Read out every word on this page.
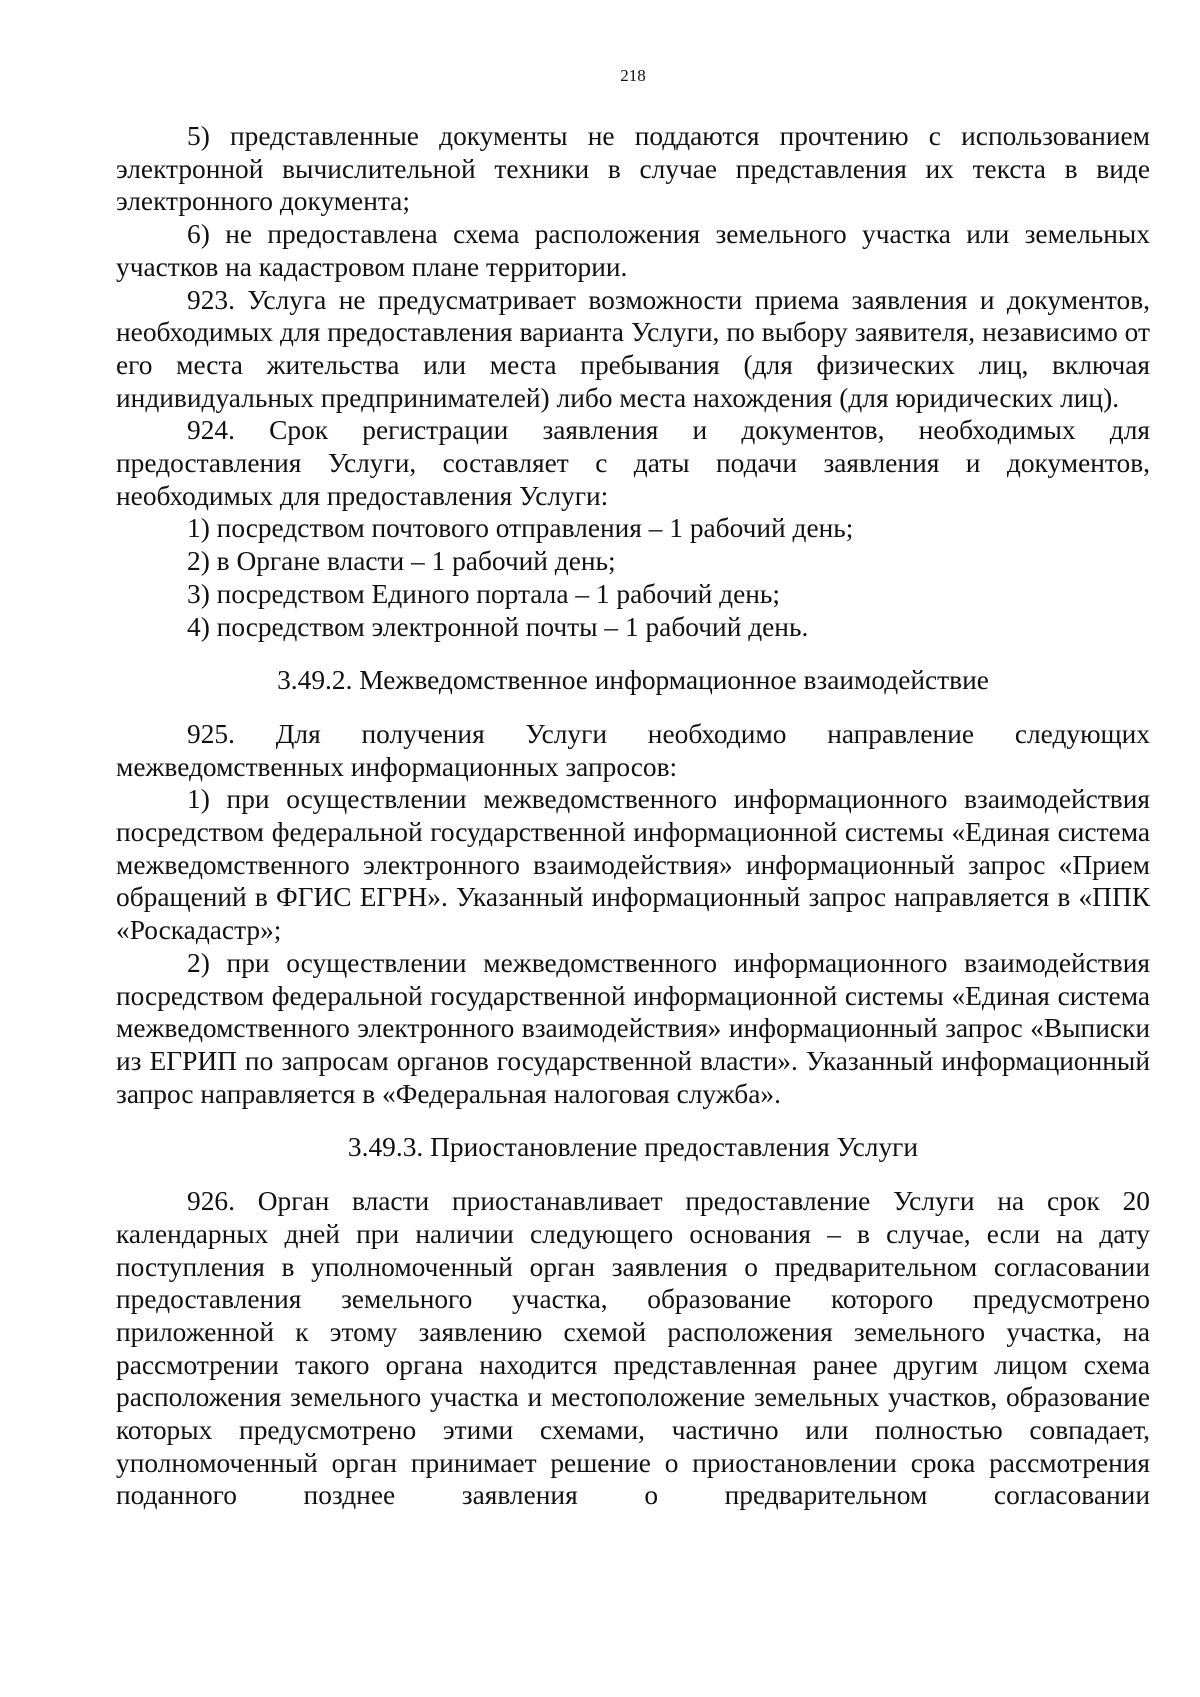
218

5) представленные документы не поддаются прочтению с использованием электронной вычислительной техники в случае представления их текста в виде электронного документа;

6) не предоставлена схема расположения земельного участка или земельных участков на кадастровом плане территории.

923. Услуга не предусматривает возможности приема заявления и документов, необходимых для предоставления варианта Услуги, по выбору заявителя, независимо от его места жительства или места пребывания (для физических лиц, включая индивидуальных предпринимателей) либо места нахождения (для юридических лиц).

924. Срок регистрации заявления и документов, необходимых для предоставления Услуги, составляет с даты подачи заявления и документов, необходимых для предоставления Услуги:

1) посредством почтового отправления – 1 рабочий день;

2) в Органе власти – 1 рабочий день;

3) посредством Единого портала – 1 рабочий день;

4) посредством электронной почты – 1 рабочий день.

3.49.2. Межведомственное информационное взаимодействие

925. Для получения Услуги необходимо направление следующих межведомственных информационных запросов:

1) при осуществлении межведомственного информационного взаимодействия посредством федеральной государственной информационной системы «Единая система межведомственного электронного взаимодействия» информационный запрос «Прием обращений в ФГИС ЕГРН». Указанный информационный запрос направляется в «ППК «Роскадастр»;

2) при осуществлении межведомственного информационного взаимодействия посредством федеральной государственной информационной системы «Единая система межведомственного электронного взаимодействия» информационный запрос «Выписки из ЕГРИП по запросам органов государственной власти». Указанный информационный запрос направляется в «Федеральная налоговая служба».

3.49.3. Приостановление предоставления Услуги

926. Орган власти приостанавливает предоставление Услуги на срок 20 календарных дней при наличии следующего основания – в случае, если на дату поступления в уполномоченный орган заявления о предварительном согласовании предоставления земельного участка, образование которого предусмотрено приложенной к этому заявлению схемой расположения земельного участка, на рассмотрении такого органа находится представленная ранее другим лицом схема расположения земельного участка и местоположение земельных участков, образование которых предусмотрено этими схемами, частично или полностью совпадает, уполномоченный орган принимает решение о приостановлении срока рассмотрения поданного позднее заявления о предварительном согласовании
